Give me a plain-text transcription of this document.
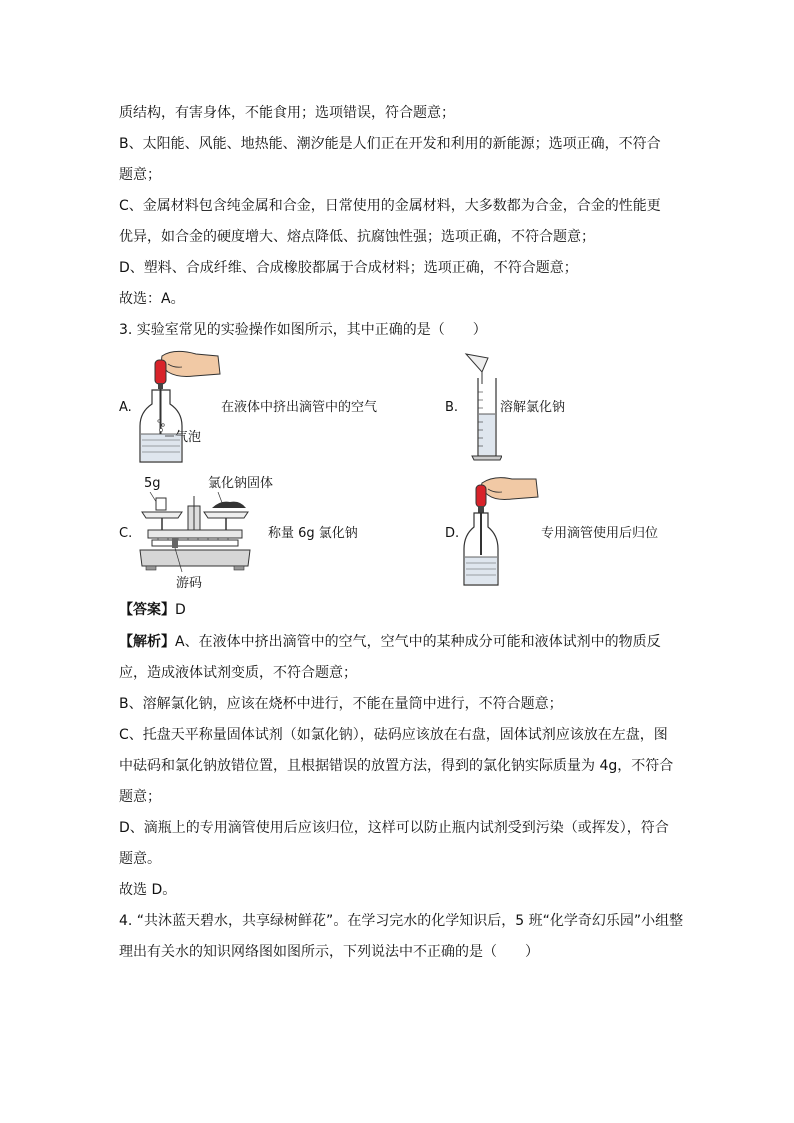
质结构，有害身体，不能食用；选项错误，符合题意；
B、太阳能、风能、地热能、潮汐能是人们正在开发和利用的新能源；选项正确，不符合
题意；
C、金属材料包含纯金属和合金，日常使用的金属材料，大多数都为合金，合金的性能更
优异，如合金的硬度增大、熔点降低、抗腐蚀性强；选项正确，不符合题意；
D、塑料、合成纤维、合成橡胶都属于合成材料；选项正确，不符合题意；
故选：A。
3. 实验室常见的实验操作如图所示，其中正确的是（　　）
A.
气泡
在液体中挤出滴管中的空气	B.	溶解氯化钠
C.
5g	氯化钠固体
游码
称量 6g 氯化钠	D.	专用滴管使用后归位
【答案】D
【解析】A、在液体中挤出滴管中的空气，空气中的某种成分可能和液体试剂中的物质反
应，造成液体试剂变质，不符合题意；
B、溶解氯化钠，应该在烧杯中进行，不能在量筒中进行，不符合题意；
C、托盘天平称量固体试剂（如氯化钠），砝码应该放在右盘，固体试剂应该放在左盘，图
中砝码和氯化钠放错位置，且根据错误的放置方法，得到的氯化钠实际质量为 4g，不符合
题意；
D、滴瓶上的专用滴管使用后应该归位，这样可以防止瓶内试剂受到污染（或挥发），符合
题意。
故选 D。
4. “共沐蓝天碧水，共享绿树鲜花”。在学习完水的化学知识后，5 班“化学奇幻乐园”小组整
理出有关水的知识网络图如图所示，下列说法中不正确的是（　　）
